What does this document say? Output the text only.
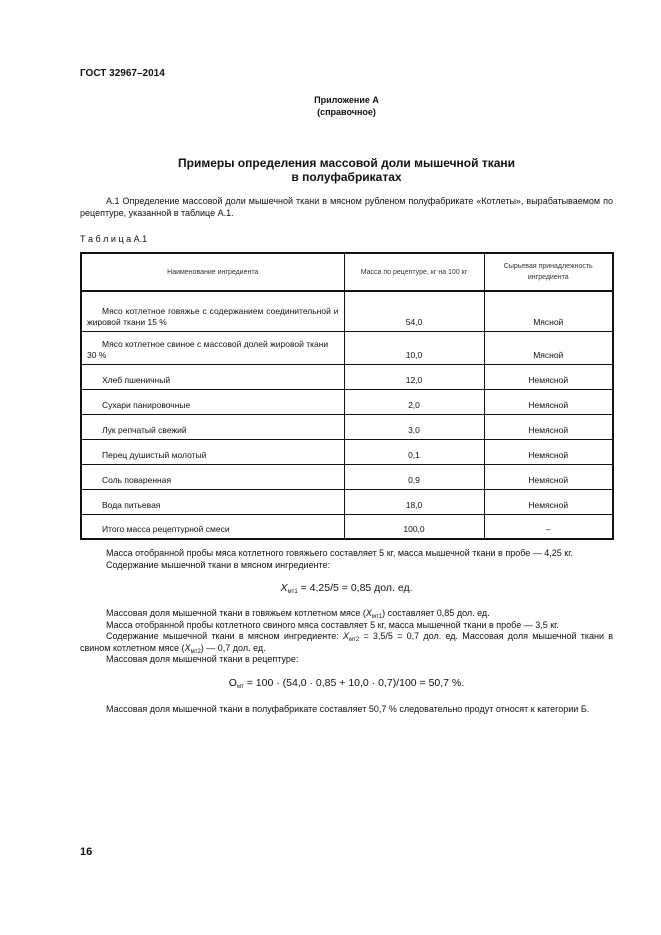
ГОСТ 32967–2014
Приложение А
(справочное)
Примеры определения массовой доли мышечной ткани
в полуфабрикатах
А.1 Определение массовой доли мышечной ткани в мясном рубленом полуфабрикате «Котлеты», вырабатываемом по рецептуре, указанной в таблице А.1.
Т а б л и ц а А.1
Наименование ингредиента	Масса по рецептуре, кг на 100 кг	Сырьевая принадлежность ингредиента
Мясо котлетное говяжье с содержанием соединительной и жировой ткани 15 %	54,0	Мясной
Мясо котлетное свиное с массовой долей жировой ткани 30 %	10,0	Мясной
Хлеб пшеничный	12,0	Немясной
Сухари панировочные	2,0	Немясной
Лук репчатый свежий	3,0	Немясной
Перец душистый молотый	0,1	Немясной
Соль поваренная	0,9	Немясной
Вода питьевая	18,0	Немясной
Итого масса рецептурной смеси	100,0	–

Масса отобранной пробы мяса котлетного говяжьего составляет 5 кг, масса мышечной ткани в пробе — 4,25 кг.

Содержание мышечной ткани в мясном ингредиенте:

$X_{мт1} = 4,25/5 = 0,85$ дол. ед.

Массовая доля мышечной ткани в говяжьем котлетном мясе $(X_{мт1})$ составляет 0,85 дол. ед.

Масса отобранной пробы котлетного свиного мяса составляет 5 кг, масса мышечной ткани в пробе — 3,5 кг.

Содержание мышечной ткани в мясном ингредиенте: $X_{мт2} = 3,5/5 = 0,7$ дол. ед. Массовая доля мышечной ткани в свином котлетном мясе $(X_{мт2})$ — 0,7 дол. ед.

Массовая доля мышечной ткани в рецептуре:

$О_{мт} = 100 \cdot (54,0 \cdot 0,85 + 10,0 \cdot 0,7)/100 = 50,7$ %.

Массовая доля мышечной ткани в полуфабрикате составляет 50,7 % следовательно продут относят к категории Б.

16
